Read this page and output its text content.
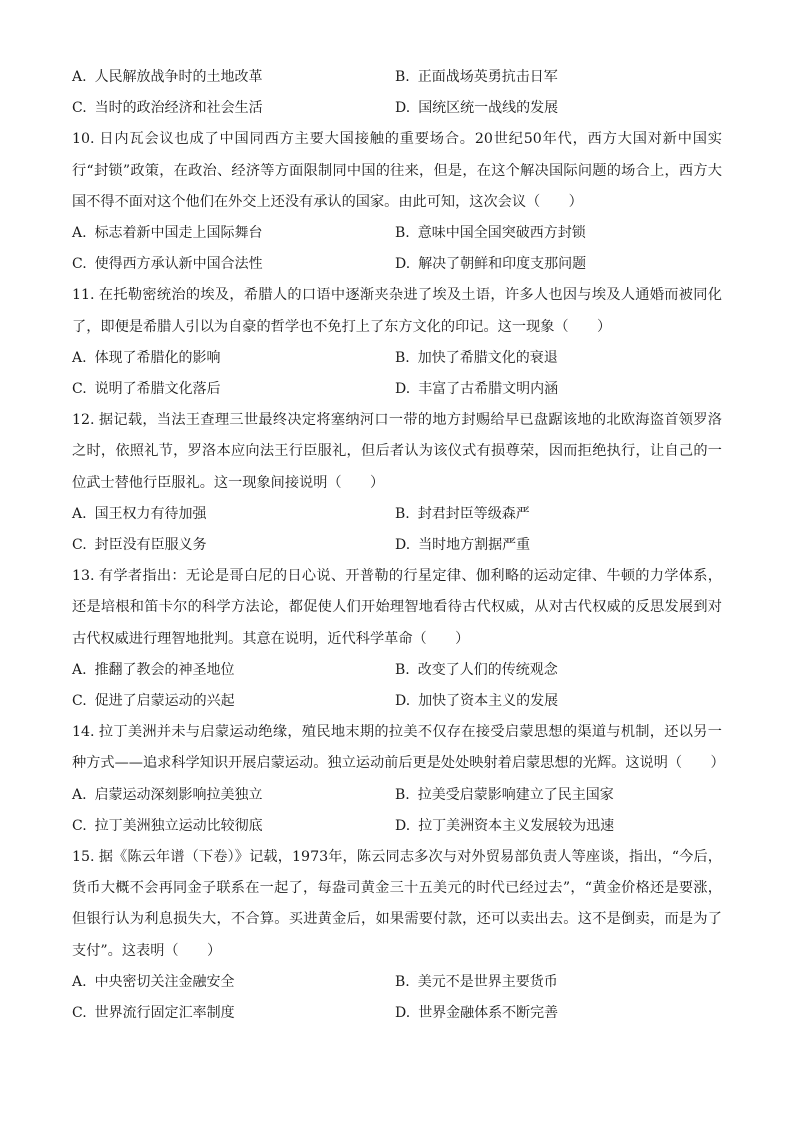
A. 人民解放战争时的土地改革	B. 正面战场英勇抗击日军
C. 当时的政治经济和社会生活	D. 国统区统一战线的发展

10. 日内瓦会议也成了中国同西方主要大国接触的重要场合。20世纪50年代，西方大国对新中国实行“封锁”政策，在政治、经济等方面限制同中国的往来，但是，在这个解决国际问题的场合上，西方大国不得不面对这个他们在外交上还没有承认的国家。由此可知，这次会议（　　）

A. 标志着新中国走上国际舞台	B. 意味中国全国突破西方封锁
C. 使得西方承认新中国合法性	D. 解决了朝鲜和印度支那问题

11. 在托勒密统治的埃及，希腊人的口语中逐渐夹杂进了埃及土语，许多人也因与埃及人通婚而被同化了，即便是希腊人引以为自豪的哲学也不免打上了东方文化的印记。这一现象（　　）

A. 体现了希腊化的影响	B. 加快了希腊文化的衰退
C. 说明了希腊文化落后	D. 丰富了古希腊文明内涵

12. 据记载，当法王查理三世最终决定将塞纳河口一带的地方封赐给早已盘踞该地的北欧海盗首领罗洛之时，依照礼节，罗洛本应向法王行臣服礼，但后者认为该仪式有损尊荣，因而拒绝执行，让自己的一位武士替他行臣服礼。这一现象间接说明（　　）

A. 国王权力有待加强	B. 封君封臣等级森严
C. 封臣没有臣服义务	D. 当时地方割据严重

13. 有学者指出：无论是哥白尼的日心说、开普勒的行星定律、伽利略的运动定律、牛顿的力学体系，还是培根和笛卡尔的科学方法论，都促使人们开始理智地看待古代权威，从对古代权威的反思发展到对古代权威进行理智地批判。其意在说明，近代科学革命（　　）

A. 推翻了教会的神圣地位	B. 改变了人们的传统观念
C. 促进了启蒙运动的兴起	D. 加快了资本主义的发展

14. 拉丁美洲并未与启蒙运动绝缘，殖民地末期的拉美不仅存在接受启蒙思想的渠道与机制，还以另一种方式——追求科学知识开展启蒙运动。独立运动前后更是处处映射着启蒙思想的光辉。这说明（　　）

A. 启蒙运动深刻影响拉美独立	B. 拉美受启蒙影响建立了民主国家
C. 拉丁美洲独立运动比较彻底	D. 拉丁美洲资本主义发展较为迅速

15. 据《陈云年谱（下卷）》记载，1973年，陈云同志多次与对外贸易部负责人等座谈，指出，“今后，货币大概不会再同金子联系在一起了，每盎司黄金三十五美元的时代已经过去”，“黄金价格还是要涨，但银行认为利息损失大，不合算。买进黄金后，如果需要付款，还可以卖出去。这不是倒卖，而是为了支付”。这表明（　　）

A. 中央密切关注金融安全	B. 美元不是世界主要货币
C. 世界流行固定汇率制度	D. 世界金融体系不断完善
